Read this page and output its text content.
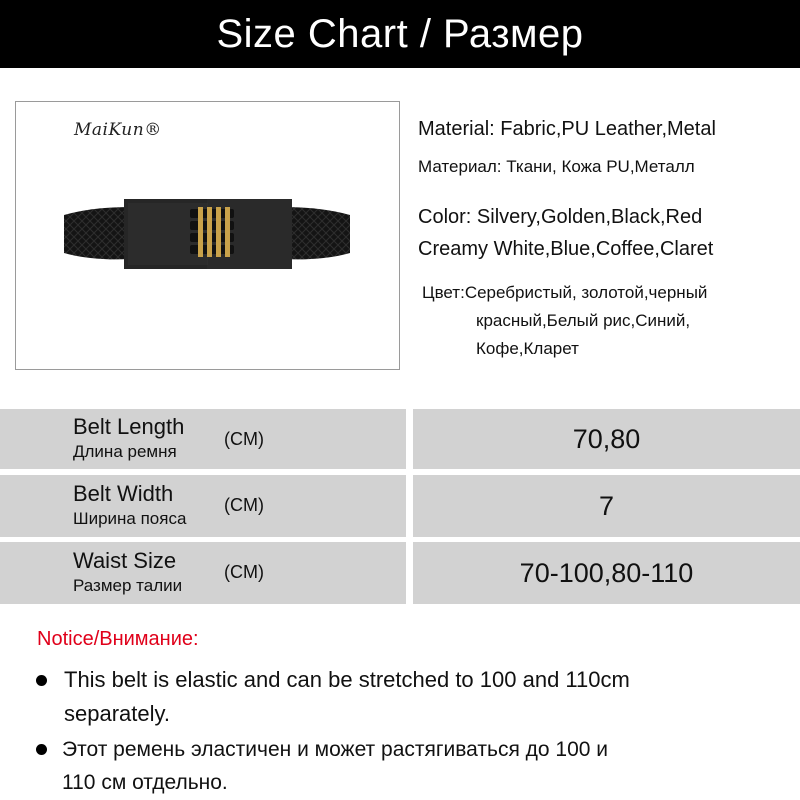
Size Chart / Размер
MaiKun®	Material: Fabric,PU Leather,Metal
Материал: Ткани, Кожа PU,Металл
Color: Silvery,Golden,Black,Red
Creamy White,Blue,Coffee,Claret
Цвет:Серебристый, золотой,черный
красный,Белый рис,Синий,
Кофе,Кларет
Belt Length
Длина ремня
(CM)	70,80
Belt Width
Ширина пояса
(CM)	7
Waist Size
Размер талии
(CM)	70-100,80-110
Notice/Внимание:
This belt is elastic and can be stretched to 100 and 110cm
separately.
Этот ремень эластичен и может растягиваться до 100 и
110 см отдельно.
